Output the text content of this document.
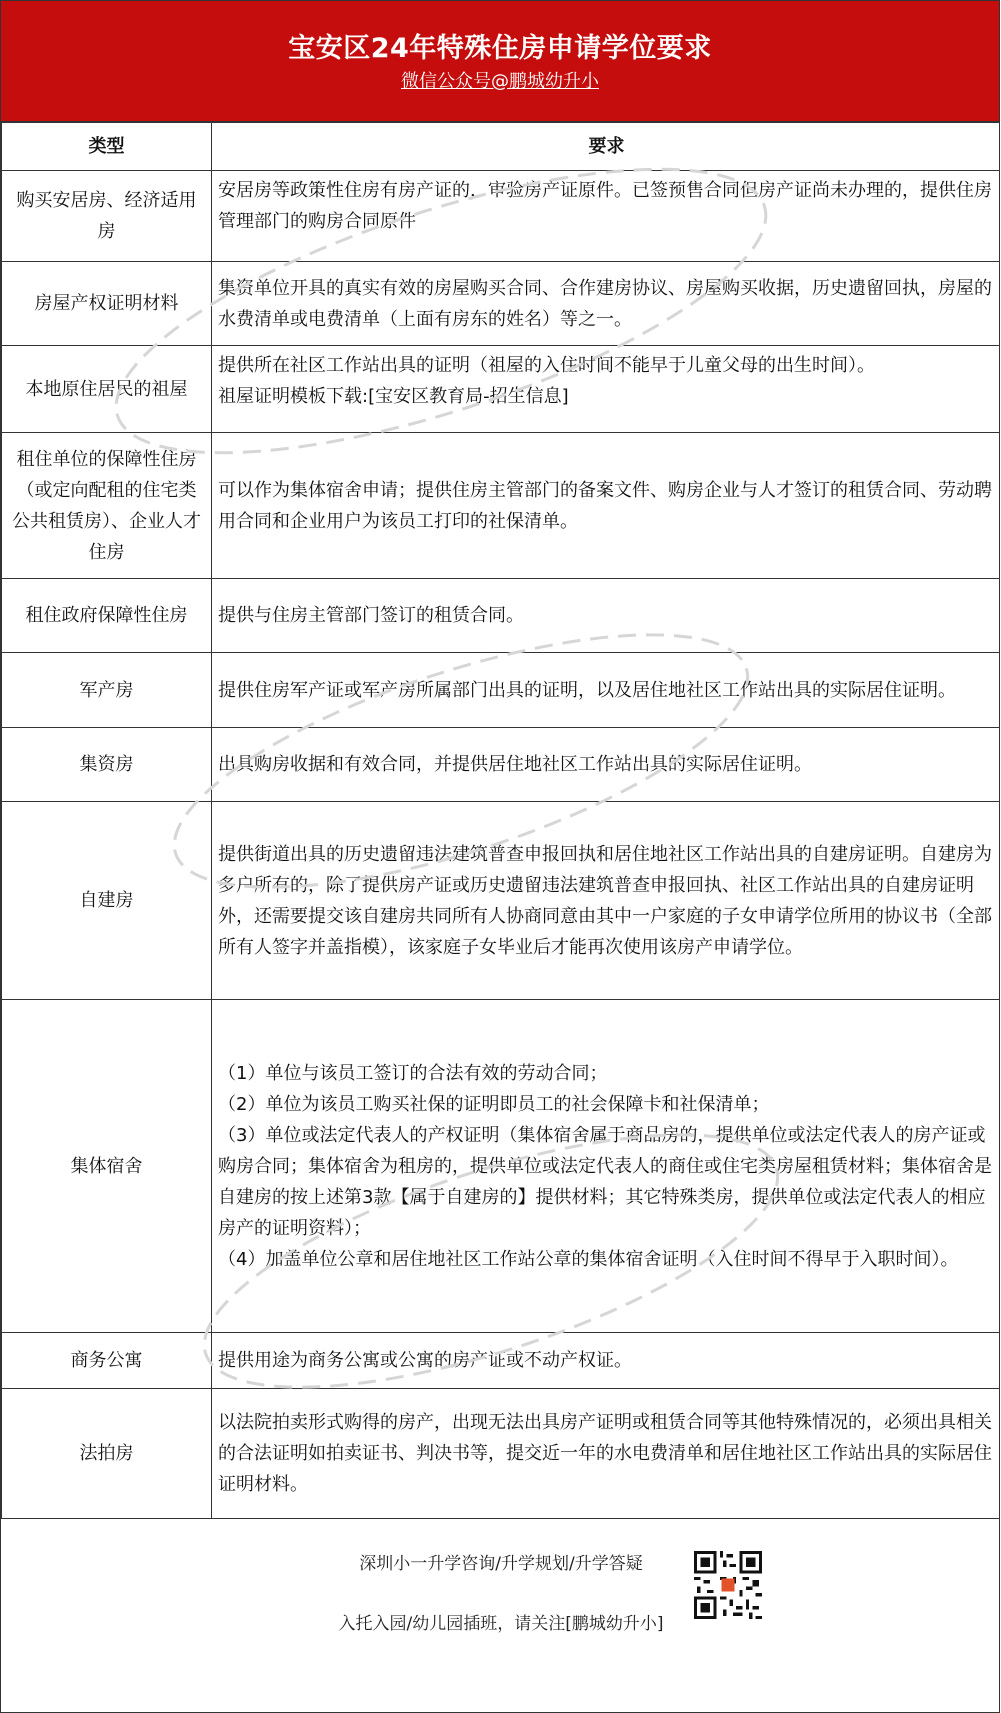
宝安区24年特殊住房申请学位要求
微信公众号@鹏城幼升小
类型	要求
购买安居房、经济适用房	安居房等政策性住房有房产证的，审验房产证原件。已签预售合同但房产证尚未办理的，提供住房管理部门的购房合同原件

房屋产权证明材料	集资单位开具的真实有效的房屋购买合同、合作建房协议、房屋购买收据，历史遗留回执，房屋的水费清单或电费清单（上面有房东的姓名）等之一。

本地原住居民的祖屋	提供所在社区工作站出具的证明（祖屋的入住时间不能早于儿童父母的出生时间）。
祖屋证明模板下载:[宝安区教育局-招生信息]

租住单位的保障性住房（或定向配租的住宅类公共租赁房）、企业人才住房	可以作为集体宿舍申请；提供住房主管部门的备案文件、购房企业与人才签订的租赁合同、劳动聘用合同和企业用户为该员工打印的社保清单。

租住政府保障性住房	提供与住房主管部门签订的租赁合同。

军产房	提供住房军产证或军产房所属部门出具的证明，以及居住地社区工作站出具的实际居住证明。

集资房	出具购房收据和有效合同，并提供居住地社区工作站出具的实际居住证明。

自建房	提供街道出具的历史遗留违法建筑普查申报回执和居住地社区工作站出具的自建房证明。自建房为多户所有的，除了提供房产证或历史遗留违法建筑普查申报回执、社区工作站出具的自建房证明外，还需要提交该自建房共同所有人协商同意由其中一户家庭的子女申请学位所用的协议书（全部所有人签字并盖指模），该家庭子女毕业后才能再次使用该房产申请学位。

集体宿舍	（1）单位与该员工签订的合法有效的劳动合同；
（2）单位为该员工购买社保的证明即员工的社会保障卡和社保清单；
（3）单位或法定代表人的产权证明（集体宿舍属于商品房的，提供单位或法定代表人的房产证或购房合同；集体宿舍为租房的，提供单位或法定代表人的商住或住宅类房屋租赁材料；集体宿舍是自建房的按上述第3款【属于自建房的】提供材料；其它特殊类房，提供单位或法定代表人的相应房产的证明资料）；
（4）加盖单位公章和居住地社区工作站公章的集体宿舍证明（入住时间不得早于入职时间）。

商务公寓	提供用途为商务公寓或公寓的房产证或不动产权证。

法拍房	以法院拍卖形式购得的房产，出现无法出具房产证明或租赁合同等其他特殊情况的，必须出具相关的合法证明如拍卖证书、判决书等，提交近一年的水电费清单和居住地社区工作站出具的实际居住证明材料。
深圳小一升学咨询/升学规划/升学答疑
入托入园/幼儿园插班，请关注[鹏城幼升小]
